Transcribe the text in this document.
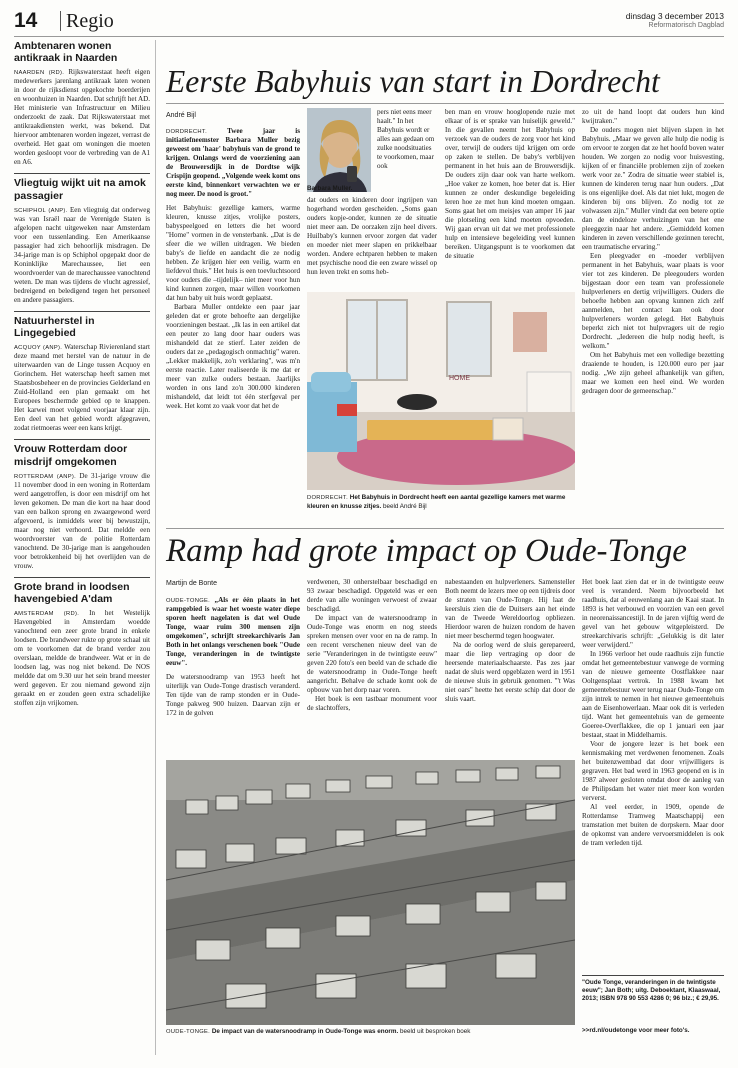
14 Regio	dinsdag 3 december 2013
Reformatorisch Dagblad
Ambtenaren wonen antikraak in Naarden

NAARDEN (RD). Rijkswaterstaat heeft eigen medewerkers jarenlang antikraak laten wonen in door de rijksdienst opgekochte boerderijen en woonhuizen in Naarden. Dat schrijft het AD. Het ministerie van Infrastructuur en Milieu onderzoekt de zaak. Dat Rijkswaterstaat met antikraakdiensten werkt, was bekend. Dat hiervoor ambtenaren worden ingezet, verrast de overheid. Het gaat om woningen die moeten worden gesloopt voor de verbreding van de A1 en A6.

Vliegtuig wijkt uit na amok passagier

SCHIPHOL (ANP). Een vliegtuig dat onderweg was van Israël naar de Verenigde Staten is afgelopen nacht uitgeweken naar Amsterdam voor een tussenlanding. Een Amerikaanse passagier had zich behoorlijk misdragen. De 34-jarige man is op Schiphol opgepakt door de Koninklijke Marechaussee, liet een woordvoerder van de marechaussee vanochtend weten. De man was tijdens de vlucht agressief, bedreigend en beledigend tegen het personeel en andere passagiers.

Natuurherstel in Lingegebied

ACQUOY (ANP). Waterschap Rivierenland start deze maand met herstel van de natuur in de uiterwaarden van de Linge tussen Acquoy en Gorinchem. Het waterschap heeft samen met Staatsbosbeheer en de provincies Gelderland en Zuid-Holland een plan gemaakt om het Europees beschermde gebied op te knappen. Het karwei moet volgend voorjaar klaar zijn. Een deel van het gebied wordt afgegraven, zodat rietmoeras weer een kans krijgt.

Vrouw Rotterdam door misdrijf omgekomen

ROTTERDAM (ANP). De 31-jarige vrouw die 11 november dood in een woning in Rotterdam werd aangetroffen, is door een misdrijf om het leven gekomen. De man die kort na haar dood van een balkon sprong en zwaargewond werd afgevoerd, is inmiddels weer bij bewustzijn, maar nog niet verhoord. Dat meldde een woordvoerster van de politie Rotterdam vanochtend. De 30-jarige man is aangehouden voor betrokkenheid bij het overlijden van de vrouw.

Grote brand in loodsen havengebied A'dam

AMSTERDAM (RD). In het Westelijk Havengebied in Amsterdam woedde vanochtend een zeer grote brand in enkele loodsen. De brandweer rukte op grote schaal uit om te voorkomen dat de brand verder zou overslaan, meldde de brandweer. Wat er in de loodsen lag, was nog niet bekend. De NOS meldde dat om 9.30 uur het sein brand meester werd gegeven. Er zou niemand gewond zijn geraakt en er zouden geen extra schadelijke stoffen zijn vrijkomen.

Eerste Babyhuis van start in Dordrecht
André Bijl

DORDRECHT.	Twee jaar is initiatiefneemster Barbara Muller bezig geweest om 'haar' babyhuis van de grond te krijgen. Onlangs werd de voorziening aan de Brouwersdijk in de Dordtse wijk Crispijn geopend. „Volgende week komt ons eerste kind, binnenkort verwachten we er nog meer. De nood is groot."

Het Babyhuis: gezellige kamers, warme kleuren, knusse zitjes, vrolijke posters, babyspeelgoed en letters die het woord "Home" vormen in de vensterbank. „Dat is de sfeer die we willen uitdragen. We bieden baby's de liefde en aandacht die ze nodig hebben. Ze krijgen hier een veilig, warm en liefdevol thuis." Het huis is een toevluchtsoord voor ouders die –tijdelijk– niet meer voor hun kind kunnen zorgen, maar willen voorkomen dat hun baby uit huis wordt geplaatst.

Barbara Muller ontdekte een paar jaar geleden dat er grote behoefte aan dergelijke voorzieningen bestaat. „Ik las in een artikel dat een peuter zo lang door haar ouders was mishandeld dat ze stierf. Later zeiden de ouders dat ze „pedagogisch onmachtig" waren. „Lekker makkelijk, zo'n verklaring", was m'n eerste reactie. Later realiseerde ik me dat er meer van zulke ouders bestaan. Jaarlijks worden in ons land zo'n 300.000 kinderen mishandeld, dat leidt tot één sterfgeval per week. Het komt zo vaak voor dat het de

Barbara Muller.

pers niet eens meer haalt." In het Babyhuis wordt er alles aan gedaan om zulke noodsituaties te voorkomen, maar ook

dat ouders en kinderen door ingrijpen van hogerhand worden gescheiden. „Soms gaan ouders kopje-onder, kunnen ze de situatie niet meer aan. De oorzaken zijn heel divers. Huilbaby's kunnen ervoor zorgen dat vader en moeder niet meer slapen en prikkelbaar worden. Andere echtparen hebben te maken met psychische nood die een zware wissel op hun leven trekt en soms heb-

ben man en vrouw hooglopende ruzie met elkaar of is er sprake van huiselijk geweld." In die gevallen neemt het Babyhuis op verzoek van de ouders de zorg voor het kind over, terwijl de ouders tijd krijgen om orde op zaken te stellen. De baby's verblijven permanent in het huis aan de Brouwersdijk. De ouders zijn daar ook van harte welkom. „Hoe vaker ze komen, hoe beter dat is. Hier kunnen ze onder deskundige begeleiding leren hoe ze met hun kind moeten omgaan. Soms gaat het om meisjes van amper 16 jaar die plotseling een kind moeten opvoeden. Wij gaan ervan uit dat we met professionele hulp en intensieve begeleiding veel kunnen bereiken. Uitgangspunt is te voorkomen dat de situatie

zo uit de hand loopt dat ouders hun kind kwijtraken."

De ouders mogen niet blijven slapen in het Babyhuis. „Maar we geven alle hulp die nodig is om ervoor te zorgen dat ze het hoofd boven water houden. We zorgen zo nodig voor huisvesting, kijken of er financiële problemen zijn of zoeken werk voor ze." Zodra de situatie weer stabiel is, kunnen de kinderen terug naar hun ouders. „Dat is ons eigenlijke doel. Als dat niet lukt, mogen de kinderen bij ons blijven. Zo nodig tot ze volwassen zijn." Muller vindt dat een betere optie dan de eindeloze verhuizingen van het ene pleeggezin naar het andere. „Gemiddeld komen kinderen in zeven verschillende gezinnen terecht, een traumatische ervaring."

Een pleegvader en -moeder verblijven permanent in het Babyhuis, waar plaats is voor vier tot zes kinderen. De pleegouders worden bijgestaan door een team van professionele hulpverleners en dertig vrijwilligers. Ouders die behoefte hebben aan opvang kunnen zich zelf aanmelden, het contact kan ook door hulpverleners worden gelegd. Het Babyhuis beperkt zich niet tot hulpvragers uit de regio Dordrecht. „Iedereen die hulp nodig heeft, is welkom."

Om het Babyhuis met een volledige bezetting draaiende te houden, is 120.000 euro per jaar nodig. „We zijn geheel afhankelijk van giften, maar we komen een heel eind. We worden gedragen door de gemeenschap."

HOME
DORDRECHT. Het Babyhuis in Dordrecht heeft een aantal gezellige kamers met warme kleuren en knusse zitjes. beeld André Bijl
Ramp had grote impact op Oude-Tonge
Martijn de Bonte

OUDE-TONGE. „Als er één plaats in het rampgebied is waar het woeste water diepe sporen heeft nagelaten is dat wel Oude Tonge, waar ruim 300 mensen zijn omgekomen", schrijft streekarchivaris Jan Both in het onlangs verschenen boek "Oude Tonge, veranderingen in de twintigste eeuw".

De watersnoodramp van 1953 heeft het uiterlijk van Oude-Tonge drastisch veranderd. Ten tijde van de ramp stonden er in Oude-Tonge pakweg 900 huizen. Daarvan zijn er 172 in de golven

verdwenen, 30 onherstelbaar beschadigd en 93 zwaar beschadigd. Opgeteld was er een derde van alle woningen verwoest of zwaar beschadigd.

De impact van de watersnoodramp in Oude-Tonge was enorm en nog steeds spreken mensen over voor en na de ramp. In een recent verschenen nieuw deel van de serie "Veranderingen in de twintigste eeuw" geven 220 foto's een beeld van de schade die de watersnoodramp in Oude-Tonge heeft aangericht. Behalve de schade komt ook de opbouw van het dorp naar voren.

Het boek is een tastbaar monument voor de slachtoffers,

nabestaanden en hulpverleners. Samensteller Both neemt de lezers mee op een tijdreis door de straten van Oude-Tonge. Hij laat de keersluis zien die de Duitsers aan het einde van de Tweede Wereldoorlog opbliezen. Hierdoor waren de huizen rondom de haven niet meer beschermd tegen hoogwater.

Na de oorlog werd de sluis gerepareerd, maar die liep vertraging op door de heersende materiaalschaarste. Pas zes jaar nadat de sluis werd opgeblazen werd in 1951 de nieuwe sluis in gebruik genomen. "'t Was niet oars" heette het eerste schip dat door de sluis vaart.

Het boek laat zien dat er in de twintigste eeuw veel is veranderd. Neem bijvoorbeeld het raadhuis, dat al eeuwenlang aan de Kaai staat. In 1893 is het verbouwd en voorzien van een gevel in neorenaissancestijl. In de jaren vijftig werd de gevel van het gebouw witgepleisterd. De streekarchivaris schrijft: „Gelukkig is dit later weer verwijderd."

In 1966 verloor het oude raadhuis zijn functie omdat het gemeentebestuur vanwege de vorming van de nieuwe gemeente Oostflakkee naar Ooltgensplaat vertrok. In 1988 kwam het gemeentebestuur weer terug naar Oude-Tonge om zijn intrek te nemen in het nieuwe gemeentehuis aan de Eisenhowerlaan. Maar ook dit is verleden tijd. Want het gemeentehuis van de gemeente Goeree-Overflakkee, die op 1 januari een jaar bestaat, staat in Middelharnis.

Voor de jongere lezer is het boek een kennismaking met verdwenen fenomenen. Zoals het buitenzwembad dat door vrijwilligers is gegraven. Het bad werd in 1963 geopend en is in 1987 alweer gesloten omdat door de aanleg van de Philipsdam het water niet meer kon worden ververst.

Al veel eerder, in 1909, opende de Rotterdamse Tramweg Maatschappij een tramstation met buiten de dorpskern. Maar door de opkomst van andere vervoersmiddelen is ook de tram verleden tijd.

OUDE-TONGE. De impact van de watersnoodramp in Oude-Tonge was enorm. beeld uit besproken boek
"Oude Tonge, veranderingen in de twintigste eeuw"; Jan Both; uitg. Deboektant, Klaaswaal, 2013; ISBN 978 90 553 4286 0; 96 blz.; € 29,95.
>>rd.nl/oudetonge voor meer foto's.
